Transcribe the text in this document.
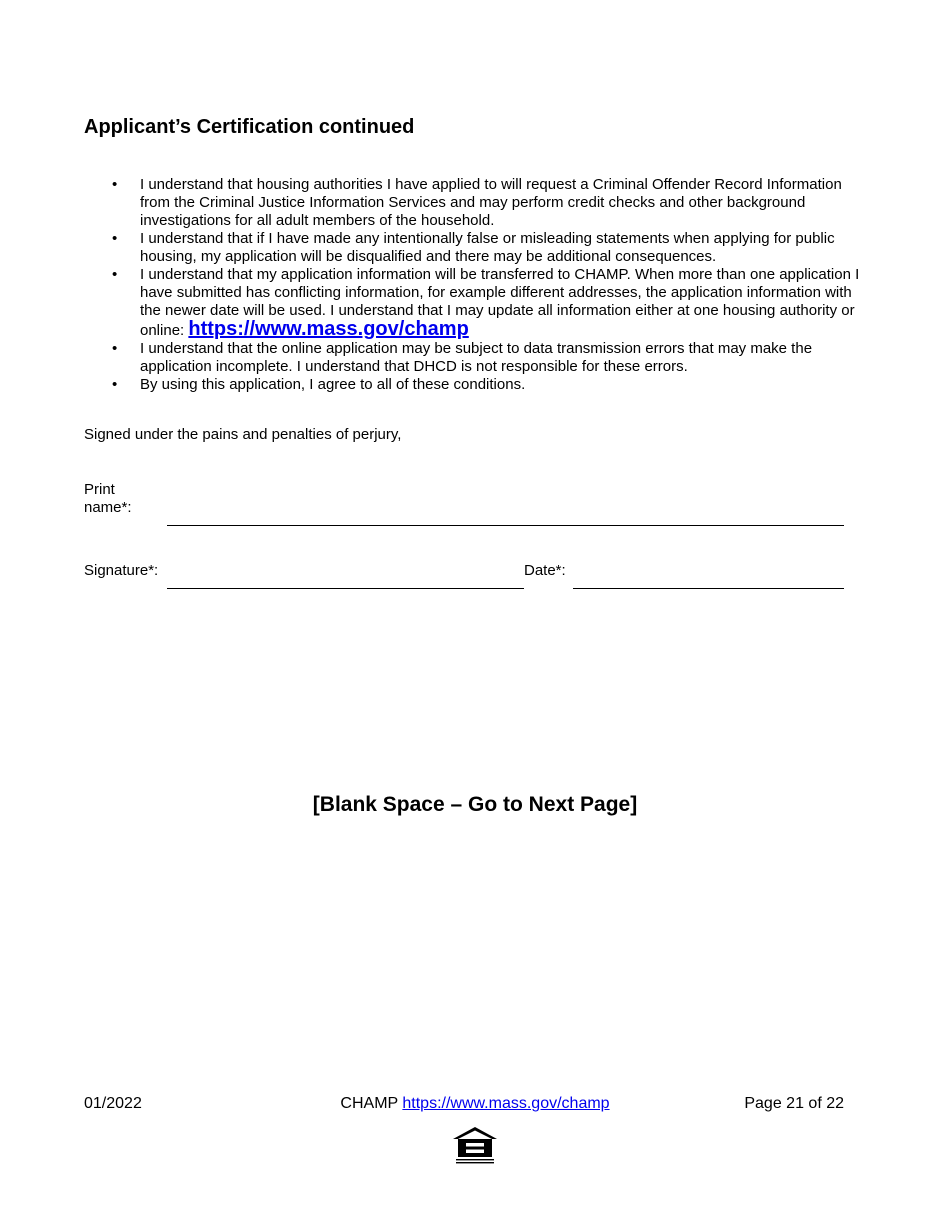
Applicant’s Certification continued
• I understand that housing authorities I have applied to will request a Criminal Offender Record Information from the Criminal Justice Information Services and may perform credit checks and other background investigations for all adult members of the household.
• I understand that if I have made any intentionally false or misleading statements when applying for public housing, my application will be disqualified and there may be additional consequences.
• I understand that my application information will be transferred to CHAMP. When more than one application I have submitted has conflicting information, for example different addresses, the application information with the newer date will be used. I understand that I may update all information either at one housing authority or online: https://www.mass.gov/champ
• I understand that the online application may be subject to data transmission errors that may make the application incomplete. I understand that DHCD is not responsible for these errors.
• By using this application, I agree to all of these conditions.
Signed under the pains and penalties of perjury,
Print name*:
Signature*:	Date*:
[Blank Space – Go to Next Page]
01/2022	CHAMP https://www.mass.gov/champ	Page 21 of 22
